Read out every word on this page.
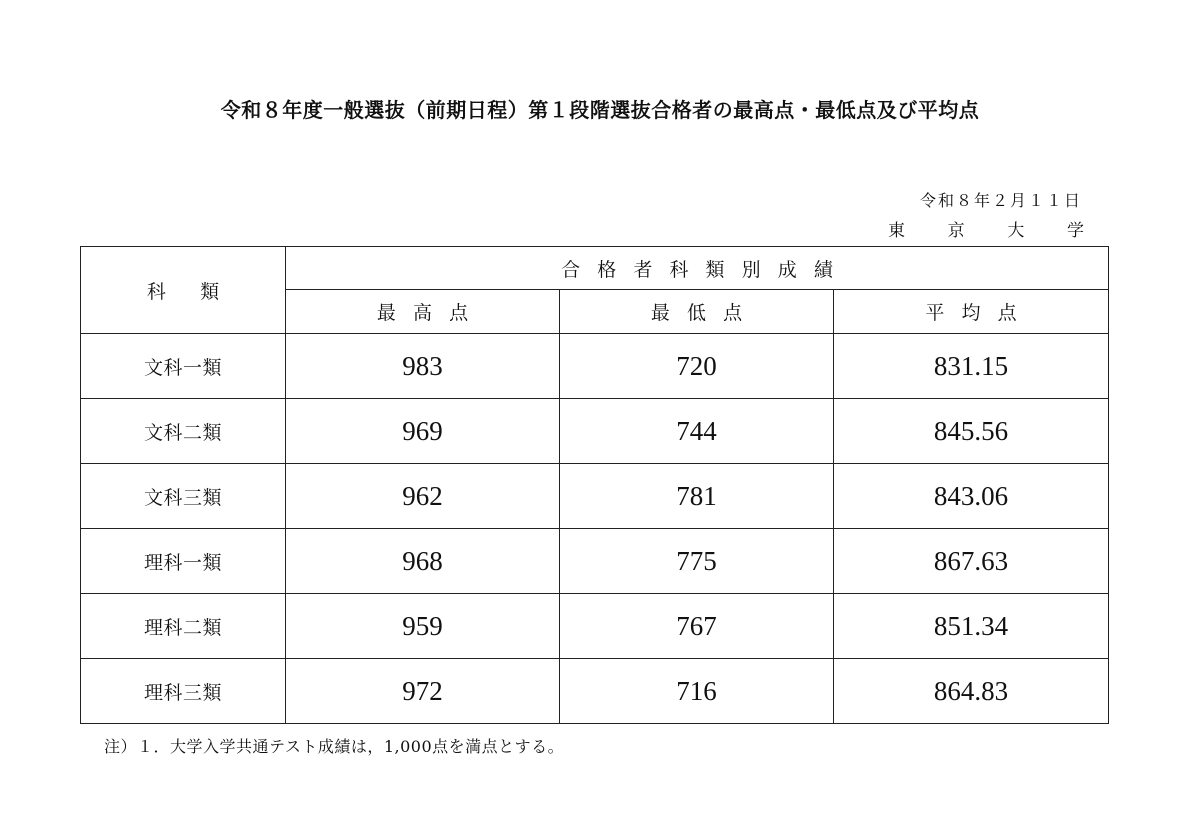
令和８年度一般選抜（前期日程）第１段階選抜合格者の最高点・最低点及び平均点
令和８年２月１１日
東	京	大	学
科類	合格者科類別成績		
	最高点	最低点	平均点
文科一類	983	720	831.15
文科二類	969	744	845.56
文科三類	962	781	843.06
理科一類	968	775	867.63
理科二類	959	767	851.34
理科三類	972	716	864.83
注）１．大学入学共通テスト成績は，1,000点を満点とする。
